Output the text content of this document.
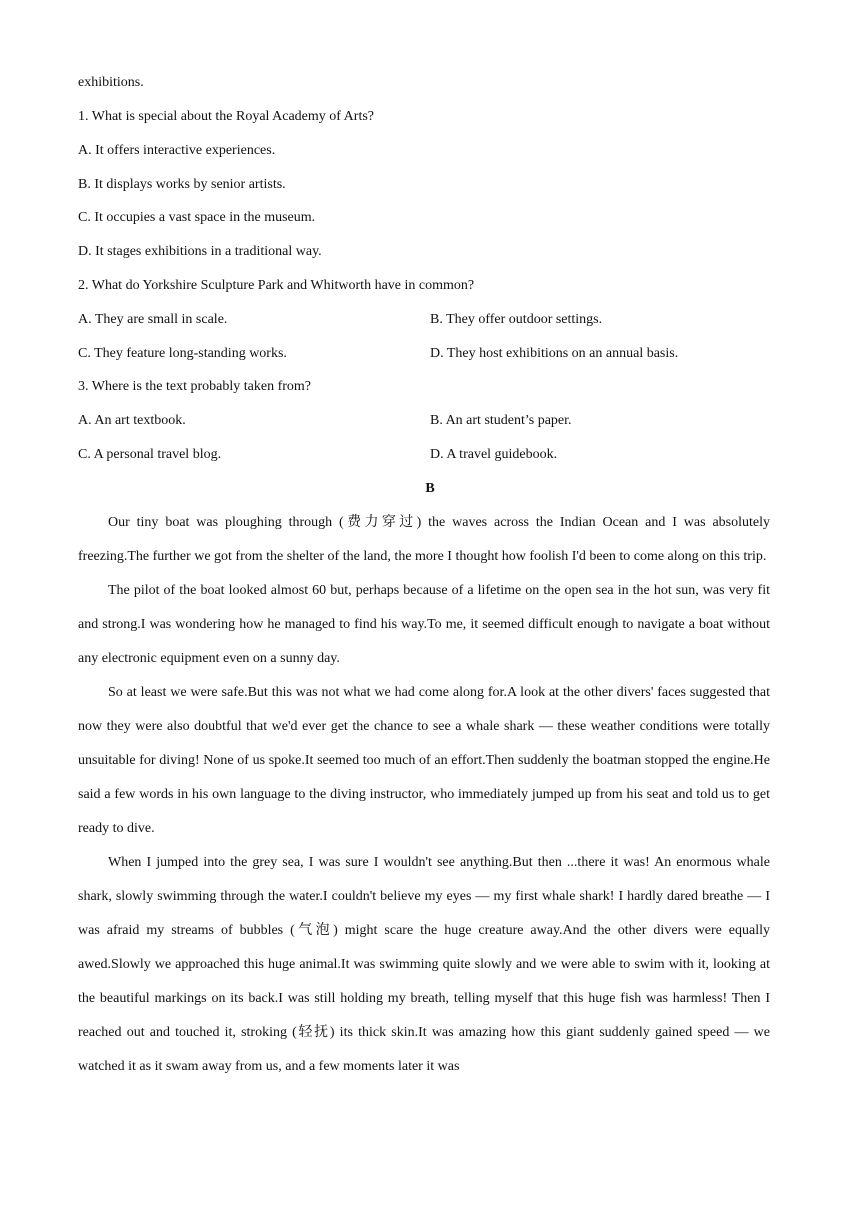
exhibitions.
1. What is special about the Royal Academy of Arts?
A. It offers interactive experiences.
B. It displays works by senior artists.
C. It occupies a vast space in the museum.
D. It stages exhibitions in a traditional way.
2. What do Yorkshire Sculpture Park and Whitworth have in common?
A. They are small in scale.	B. They offer outdoor settings.
C. They feature long-standing works.	D. They host exhibitions on an annual basis.
3. Where is the text probably taken from?
A. An art textbook.	B. An art student’s paper.
C. A personal travel blog.	D. A travel guidebook.
B

Our tiny boat was ploughing through (费力穿过) the waves across the Indian Ocean and I was absolutely freezing.The further we got from the shelter of the land, the more I thought how foolish I'd been to come along on this trip.

The pilot of the boat looked almost 60 but, perhaps because of a lifetime on the open sea in the hot sun, was very fit and strong.I was wondering how he managed to find his way.To me, it seemed difficult enough to navigate a boat without any electronic equipment even on a sunny day.

So at least we were safe.But this was not what we had come along for.A look at the other divers' faces suggested that now they were also doubtful that we'd ever get the chance to see a whale shark — these weather conditions were totally unsuitable for diving! None of us spoke.It seemed too much of an effort.Then suddenly the boatman stopped the engine.He said a few words in his own language to the diving instructor, who immediately jumped up from his seat and told us to get ready to dive.

When I jumped into the grey sea, I was sure I wouldn't see anything.But then ...there it was! An enormous whale shark, slowly swimming through the water.I couldn't believe my eyes — my first whale shark! I hardly dared breathe — I was afraid my streams of bubbles (气泡) might scare the huge creature away.And the other divers were equally awed.Slowly we approached this huge animal.It was swimming quite slowly and we were able to swim with it, looking at the beautiful markings on its back.I was still holding my breath, telling myself that this huge fish was harmless! Then I reached out and touched it, stroking (轻抚) its thick skin.It was amazing how this giant suddenly gained speed — we watched it as it swam away from us, and a few moments later it was
